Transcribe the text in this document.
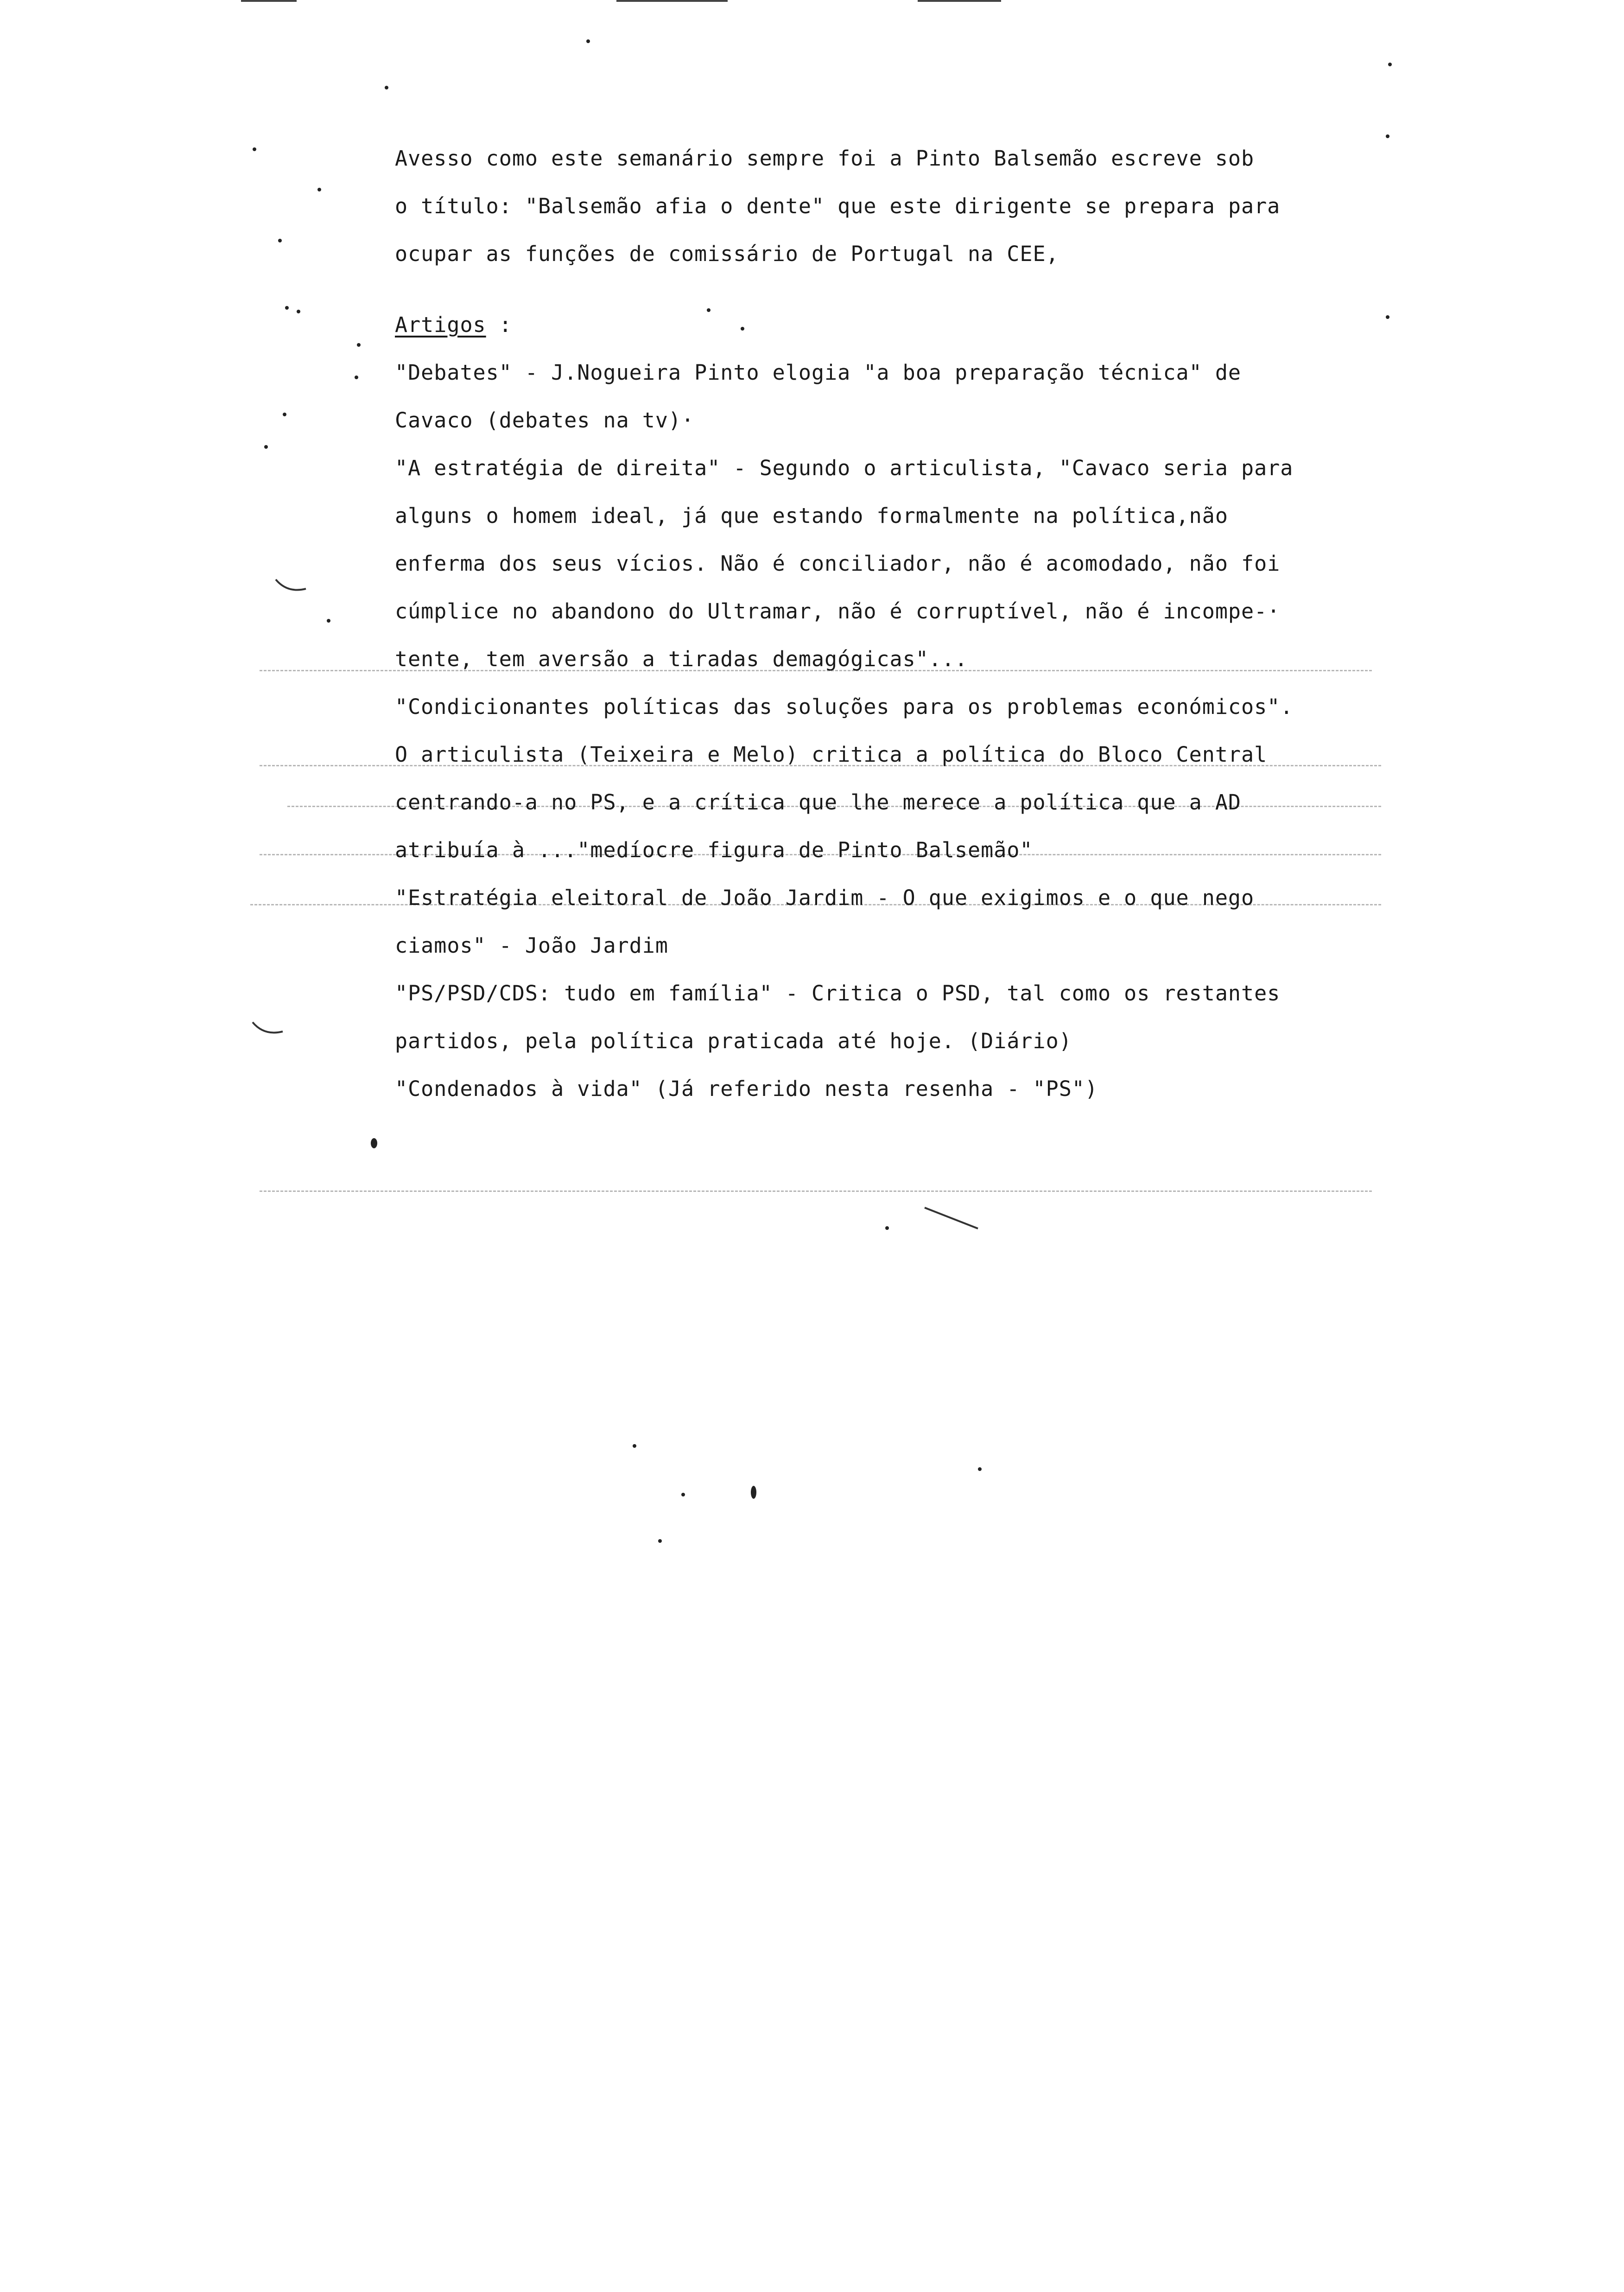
Avesso como este semanário sempre foi a Pinto Balsemão escreve sob
o título: "Balsemão afia o dente" que este dirigente se prepara para
ocupar as funções de comissário de Portugal na CEE,
Artigos :
"Debates" - J.Nogueira Pinto elogia "a boa preparação técnica" de
Cavaco (debates na tv)·
"A estratégia de direita" - Segundo o articulista, "Cavaco seria para
alguns o homem ideal, já que estando formalmente na política,não
enferma dos seus vícios. Não é conciliador, não é acomodado, não foi
cúmplice no abandono do Ultramar, não é corruptível, não é incompe-·
tente, tem aversão a tiradas demagógicas"...
"Condicionantes políticas das soluções para os problemas económicos".
O articulista (Teixeira e Melo) critica a política do Bloco Central
centrando-a no PS, e a crítica que lhe merece a política que a AD
atribuía à ..."medíocre figura de Pinto Balsemão"
"Estratégia eleitoral de João Jardim - O que exigimos e o que nego
ciamos" - João Jardim
"PS/PSD/CDS: tudo em família" - Critica o PSD, tal como os restantes
partidos, pela política praticada até hoje. (Diário)
"Condenados à vida" (Já referido nesta resenha - "PS")
